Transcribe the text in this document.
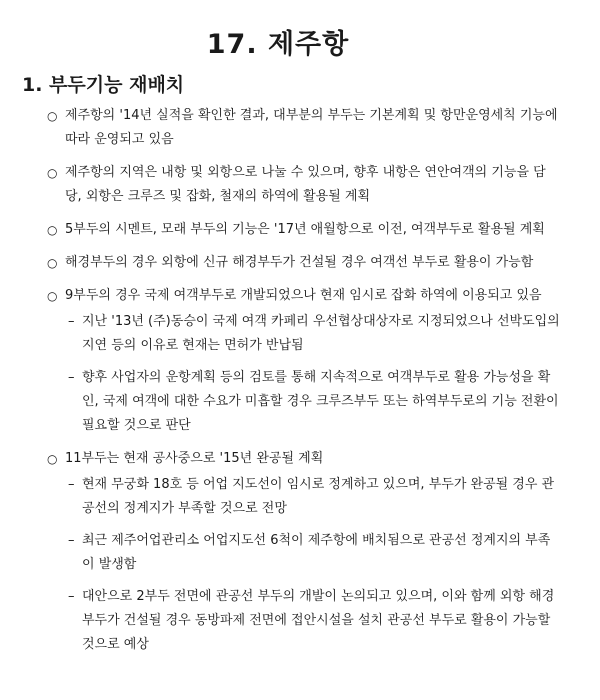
17. 제주항
1. 부두기능 재배치
○ 제주항의 '14년 실적을 확인한 결과, 대부분의 부두는 기본계획 및 항만운영세칙 기능에 따라 운영되고 있음
○ 제주항의 지역은 내항 및 외항으로 나눌 수 있으며, 향후 내항은 연안여객의 기능을 담당, 외항은 크루즈 및 잡화, 철재의 하역에 활용될 계획
○ 5부두의 시멘트, 모래 부두의 기능은 '17년 애월항으로 이전, 여객부두로 활용될 계획
○ 해경부두의 경우 외항에 신규 해경부두가 건설될 경우 여객선 부두로 활용이 가능함
○ 9부두의 경우 국제 여객부두로 개발되었으나 현재 임시로 잡화 하역에 이용되고 있음
– 지난 '13년 (주)동승이 국제 여객 카페리 우선협상대상자로 지정되었으나 선박도입의 지연 등의 이유로 현재는 면허가 반납됨
– 향후 사업자의 운항계획 등의 검토를 통해 지속적으로 여객부두로 활용 가능성을 확인, 국제 여객에 대한 수요가 미흡할 경우 크루즈부두 또는 하역부두로의 기능 전환이 필요할 것으로 판단
○ 11부두는 현재 공사중으로 '15년 완공될 계획
– 현재 무궁화 18호 등 어업 지도선이 임시로 정계하고 있으며, 부두가 완공될 경우 관공선의 정계지가 부족할 것으로 전망
– 최근 제주어업관리소 어업지도선 6척이 제주항에 배치됨으로 관공선 정계지의 부족이 발생함
– 대안으로 2부두 전면에 관공선 부두의 개발이 논의되고 있으며, 이와 함께 외항 해경부두가 건설될 경우 동방파제 전면에 접안시설을 설치 관공선 부두로 활용이 가능할 것으로 예상
